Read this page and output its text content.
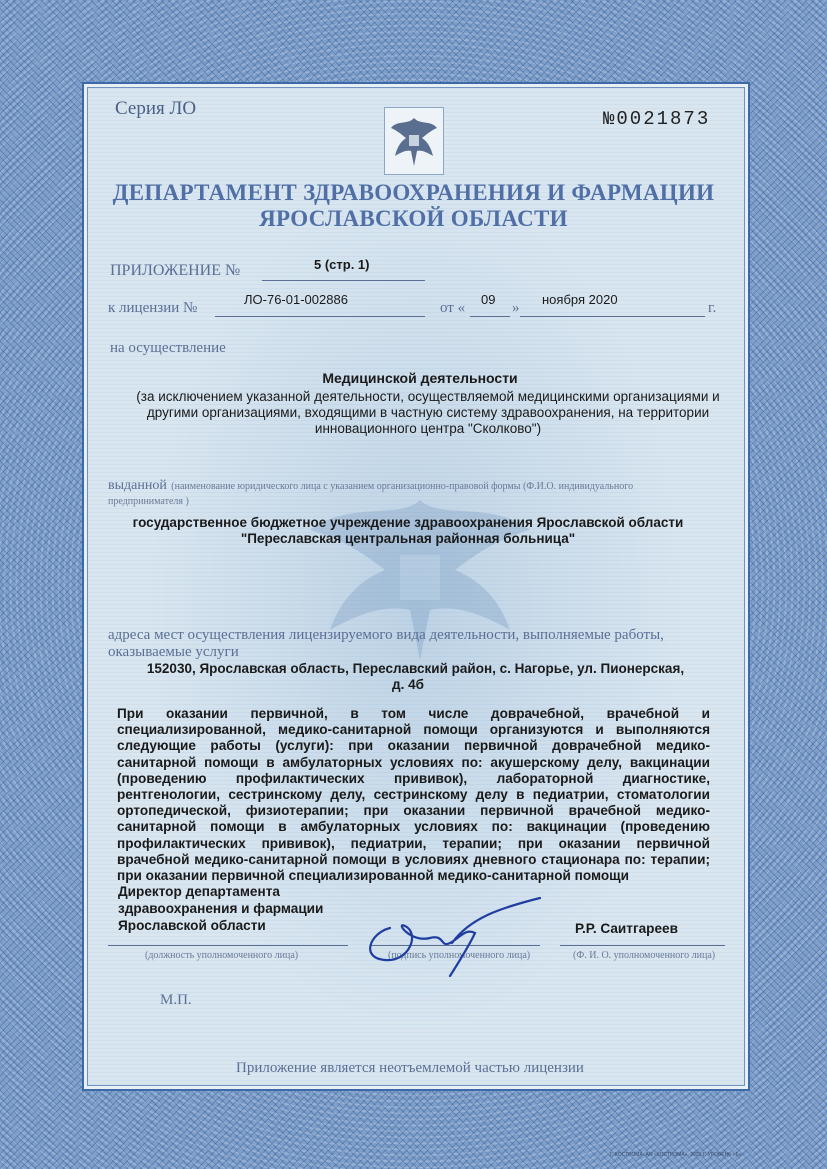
Серия ЛО	№0021873
ДЕПАРТАМЕНТ ЗДРАВООХРАНЕНИЯ И ФАРМАЦИИ
ЯРОСЛАВСКОЙ ОБЛАСТИ
ПРИЛОЖЕНИЕ №	5 (стр. 1)
к лицензии №
ЛО-76-01-002886
от «
09
»
ноября 2020
г.
на осуществление
Медицинской деятельности
(за исключением указанной деятельности, осуществляемой медицинскими организациями и другими организациями, входящими в частную систему здравоохранения, на территории инновационного центра "Сколково")
выданной (наименование юридического лица с указанием организационно-правовой формы (Ф.И.О. индивидуального предпринимателя )
государственное бюджетное учреждение здравоохранения Ярославской области
"Переславская центральная районная больница"
адреса мест осуществления лицензируемого вида деятельности, выполняемые работы, оказываемые услуги
152030, Ярославская область, Переславский район, с. Нагорье, ул. Пионерская,
д. 4б
При оказании первичной, в том числе доврачебной, врачебной и специализированной, медико-санитарной помощи организуются и выполняются следующие работы (услуги): при оказании первичной доврачебной медико-санитарной помощи в амбулаторных условиях по: акушерскому делу, вакцинации (проведению профилактических прививок), лабораторной диагностике, рентгенологии, сестринскому делу, сестринскому делу в педиатрии, стоматологии ортопедической, физиотерапии; при оказании первичной врачебной медико-санитарной помощи в амбулаторных условиях по: вакцинации (проведению профилактических прививок), педиатрии, терапии; при оказании первичной врачебной медико-санитарной помощи в условиях дневного стационара по: терапии; при оказании первичной специализированной медико-санитарной помощи
Директор департамента
здравоохранения и фармации
Ярославской области	Р.Р. Саитгареев
(должность уполномоченного лица)	(подпись уполномоченного лица)	(Ф. И. О. уполномоченного лица)
М.П.
Приложение является неотъемлемой частью лицензии
Г. КОСТРОМА. АО «КОСТРОМА», 2020 Г. УРОВЕНЬ «Б»
